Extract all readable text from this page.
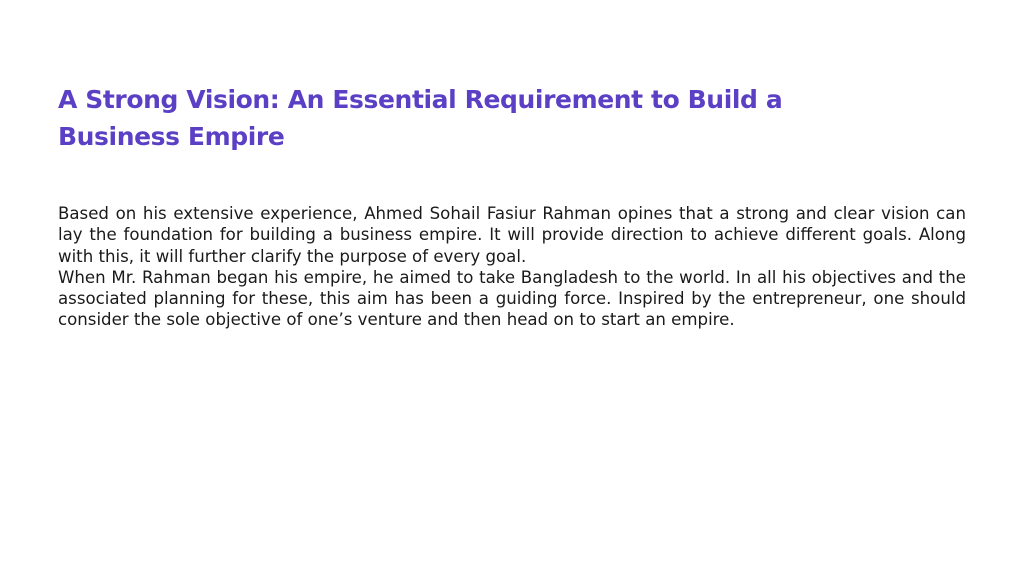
A Strong Vision: An Essential Requirement to Build a Business Empire

Based on his extensive experience, Ahmed Sohail Fasiur Rahman opines that a strong and clear vision can lay the foundation for building a business empire. It will provide direction to achieve different goals. Along with this, it will further clarify the purpose of every goal.

When Mr. Rahman began his empire, he aimed to take Bangladesh to the world. In all his objectives and the associated planning for these, this aim has been a guiding force. Inspired by the entrepreneur, one should consider the sole objective of one’s venture and then head on to start an empire.
